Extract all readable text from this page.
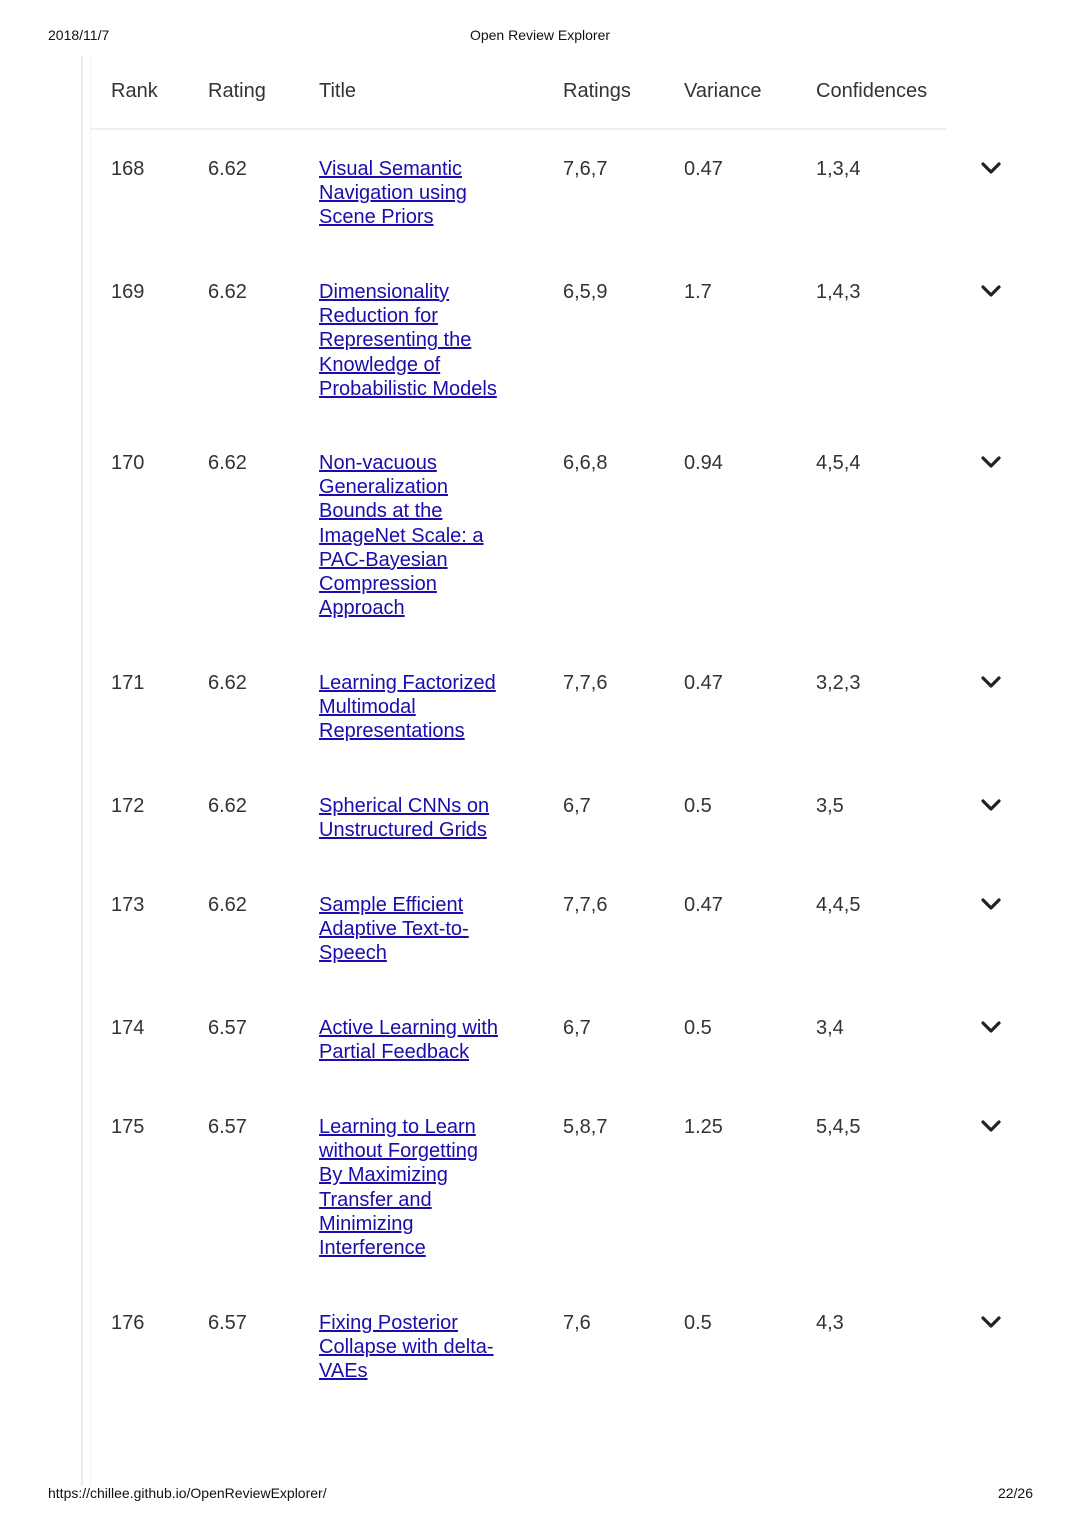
2018/11/7	Open Review Explorer
Rank	Rating	Title	Ratings	Variance	Confidences
168	6.62	Visual Semantic
Navigation using
Scene Priors
7,6,7	0.47	1,3,4
169	6.62	Dimensionality
Reduction for
Representing the
Knowledge of
Probabilistic Models
6,5,9	1.7	1,4,3
170	6.62	Non-vacuous
Generalization
Bounds at the
ImageNet Scale: a
PAC-Bayesian
Compression
Approach
6,6,8	0.94	4,5,4
171	6.62	Learning Factorized
Multimodal
Representations
7,7,6	0.47	3,2,3
172	6.62	Spherical CNNs on
Unstructured Grids
6,7	0.5	3,5
173	6.62	Sample Efficient
Adaptive Text-to-
Speech
7,7,6	0.47	4,4,5
174	6.57	Active Learning with
Partial Feedback
6,7	0.5	3,4
175	6.57	Learning to Learn
without Forgetting
By Maximizing
Transfer and
Minimizing
Interference
5,8,7	1.25	5,4,5
176	6.57	Fixing Posterior
Collapse with delta-
VAEs
7,6	0.5	4,3
https://chillee.github.io/OpenReviewExplorer/	22/26
